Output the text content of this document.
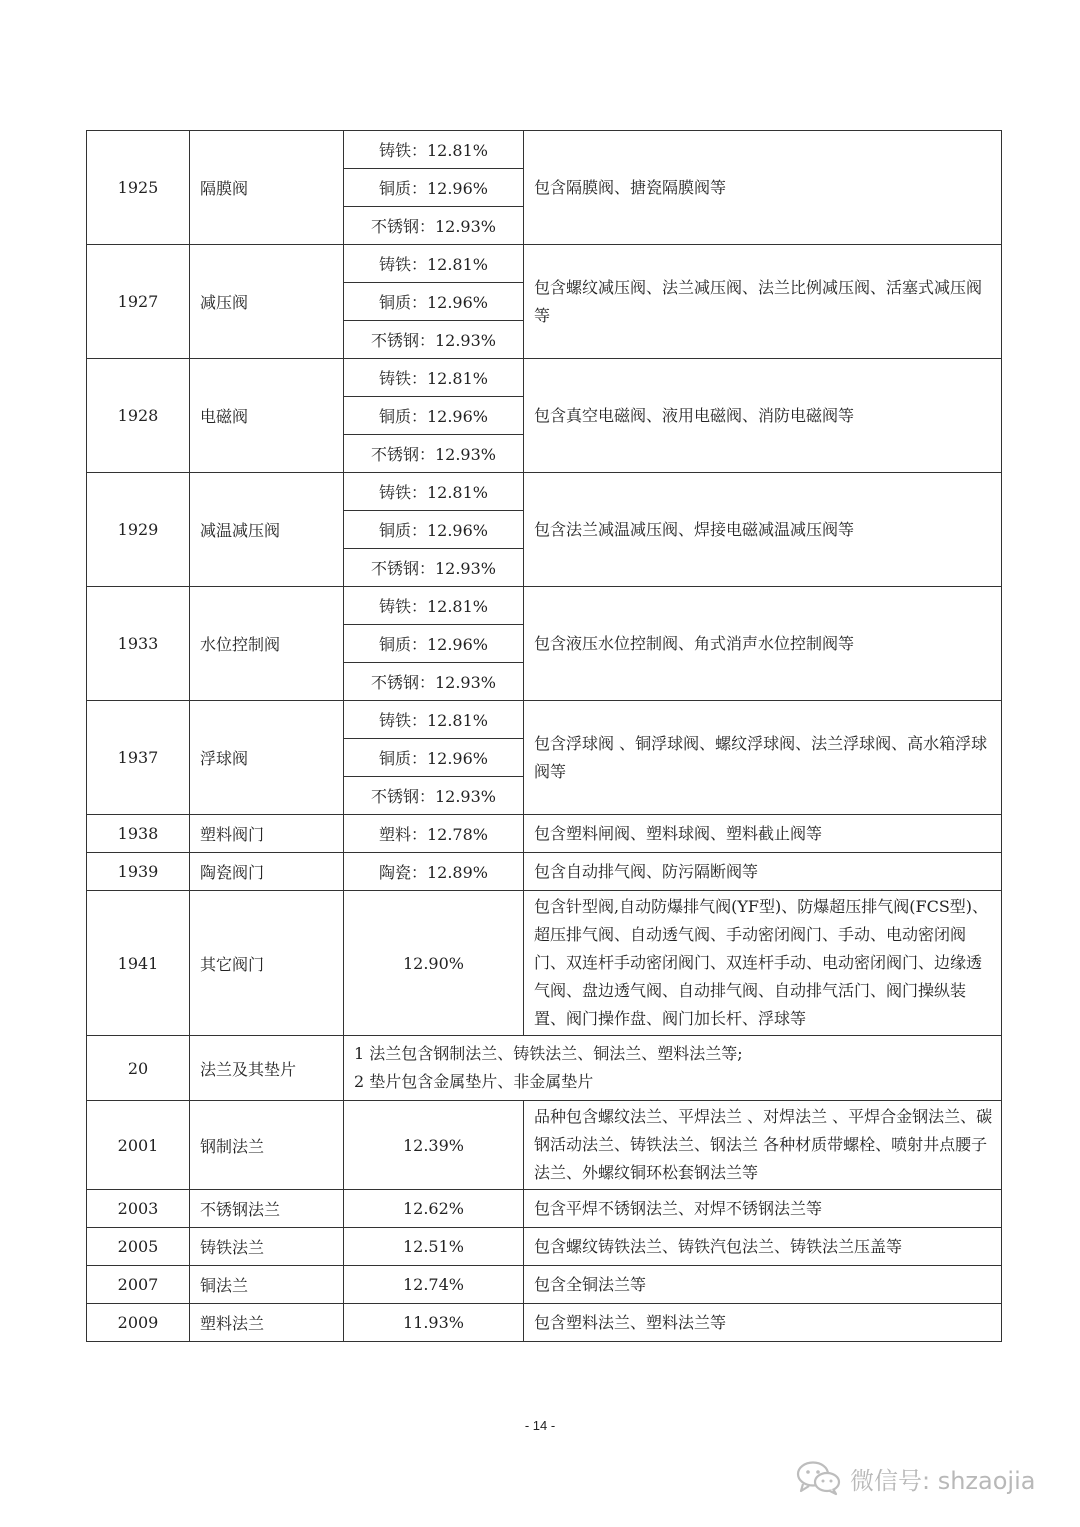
1925	隔膜阀	铸铁：12.81%	包含隔膜阀、搪瓷隔膜阀等
		铜质：12.96%	
		不锈钢：12.93%	
1927	减压阀	铸铁：12.81%	包含螺纹减压阀、法兰减压阀、法兰比例减压阀、活塞式减压阀等
		铜质：12.96%	
		不锈钢：12.93%	
1928	电磁阀	铸铁：12.81%	包含真空电磁阀、液用电磁阀、消防电磁阀等
		铜质：12.96%	
		不锈钢：12.93%	
1929	减温减压阀	铸铁：12.81%	包含法兰减温减压阀、焊接电磁减温减压阀等
		铜质：12.96%	
		不锈钢：12.93%	
1933	水位控制阀	铸铁：12.81%	包含液压水位控制阀、角式消声水位控制阀等
		铜质：12.96%	
		不锈钢：12.93%	
1937	浮球阀	铸铁：12.81%	包含浮球阀 、铜浮球阀、螺纹浮球阀、法兰浮球阀、高水箱浮球阀等
		铜质：12.96%	
		不锈钢：12.93%	
1938	塑料阀门	塑料：12.78%	包含塑料闸阀、塑料球阀、塑料截止阀等
1939	陶瓷阀门	陶瓷：12.89%	包含自动排气阀、防污隔断阀等
1941	其它阀门	12.90%	包含针型阀,自动防爆排气阀(YF型)、防爆超压排气阀(FCS型)、超压排气阀、自动透气阀、手动密闭阀门、手动、电动密闭阀门、双连杆手动密闭阀门、双连杆手动、电动密闭阀门、边缘透气阀、盘边透气阀、自动排气阀、自动排气活门、阀门操纵装置、阀门操作盘、阀门加长杆、浮球等
20	法兰及其垫片	1 法兰包含钢制法兰、铸铁法兰、铜法兰、塑料法兰等;
2 垫片包含金属垫片、非金属垫片	

2001	钢制法兰	12.39%	品种包含螺纹法兰、平焊法兰 、对焊法兰 、平焊合金钢法兰、碳钢活动法兰、铸铁法兰、钢法兰 各种材质带螺栓、喷射井点腰子法兰、外螺纹铜环松套钢法兰等
2003	不锈钢法兰	12.62%	包含平焊不锈钢法兰、对焊不锈钢法兰等
2005	铸铁法兰	12.51%	包含螺纹铸铁法兰、铸铁汽包法兰、铸铁法兰压盖等
2007	铜法兰	12.74%	包含全铜法兰等
2009	塑料法兰	11.93%	包含塑料法兰、塑料法兰等
- 14 -
微信号: shzaojia
